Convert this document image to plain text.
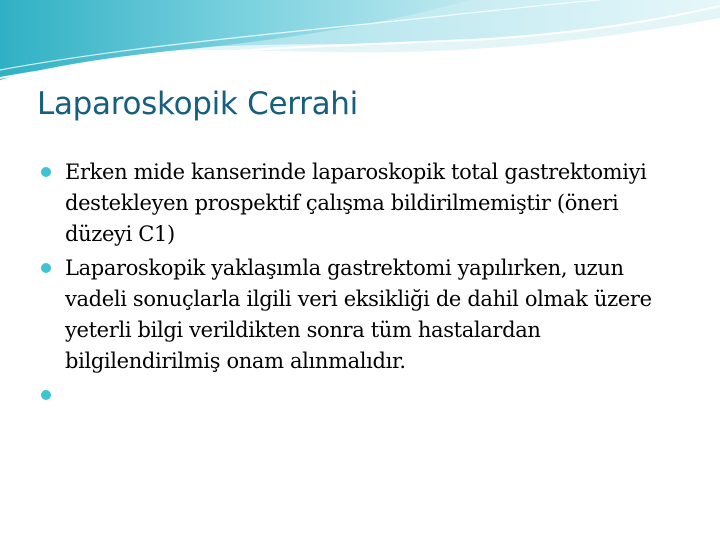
Laparoskopik Cerrahi
Erken mide kanserinde laparoskopik total gastrektomiyi destekleyen prospektif çalışma bildirilmemiştir (öneri düzeyi C1)
Laparoskopik yaklaşımla gastrektomi yapılırken, uzun vadeli sonuçlarla ilgili veri eksikliği de dahil olmak üzere yeterli bilgi verildikten sonra tüm hastalardan bilgilendirilmiş onam alınmalıdır.
